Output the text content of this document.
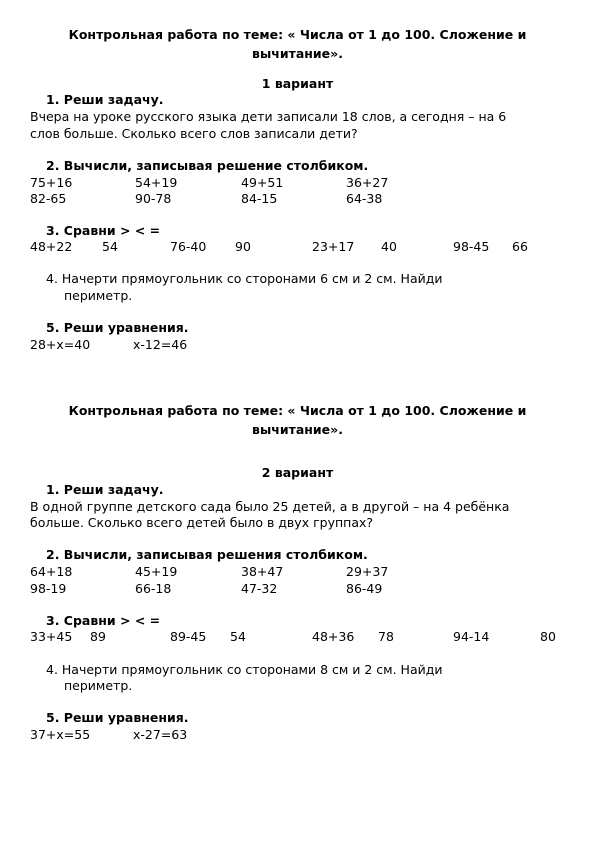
Контрольная работа по теме: « Числа от 1 до 100. Сложение и
вычитание».
1 вариант
1. Реши задачу.
Вчера на уроке русского языка дети записали 18 слов, а сегодня – на 6
слов больше. Сколько всего слов записали дети?
2. Вычисли, записывая решение столбиком.
75+16	54+19	49+51	36+27
82-65	90-78	84-15	64-38
3. Сравни > < =
48+22 54	76-40 90	23+17 40	98-45 66
4. Начерти прямоугольник со сторонами 6 см и 2 см. Найди
периметр.
5. Реши уравнения.
28+x=40	x-12=46
Контрольная работа по теме: « Числа от 1 до 100. Сложение и
вычитание».
2 вариант
1. Реши задачу.
В одной группе детского сада было 25 детей, а в другой – на 4 ребёнка
больше. Сколько всего детей было в двух группах?
2. Вычисли, записывая решения столбиком.
64+18	45+19	38+47	29+37
98-19	66-18	47-32	86-49
3. Сравни > < =
33+45 89	89-45 54	48+36 78	94-14	80
4. Начерти прямоугольник со сторонами 8 см и 2 см. Найди
периметр.
5. Реши уравнения.
37+x=55	x-27=63
